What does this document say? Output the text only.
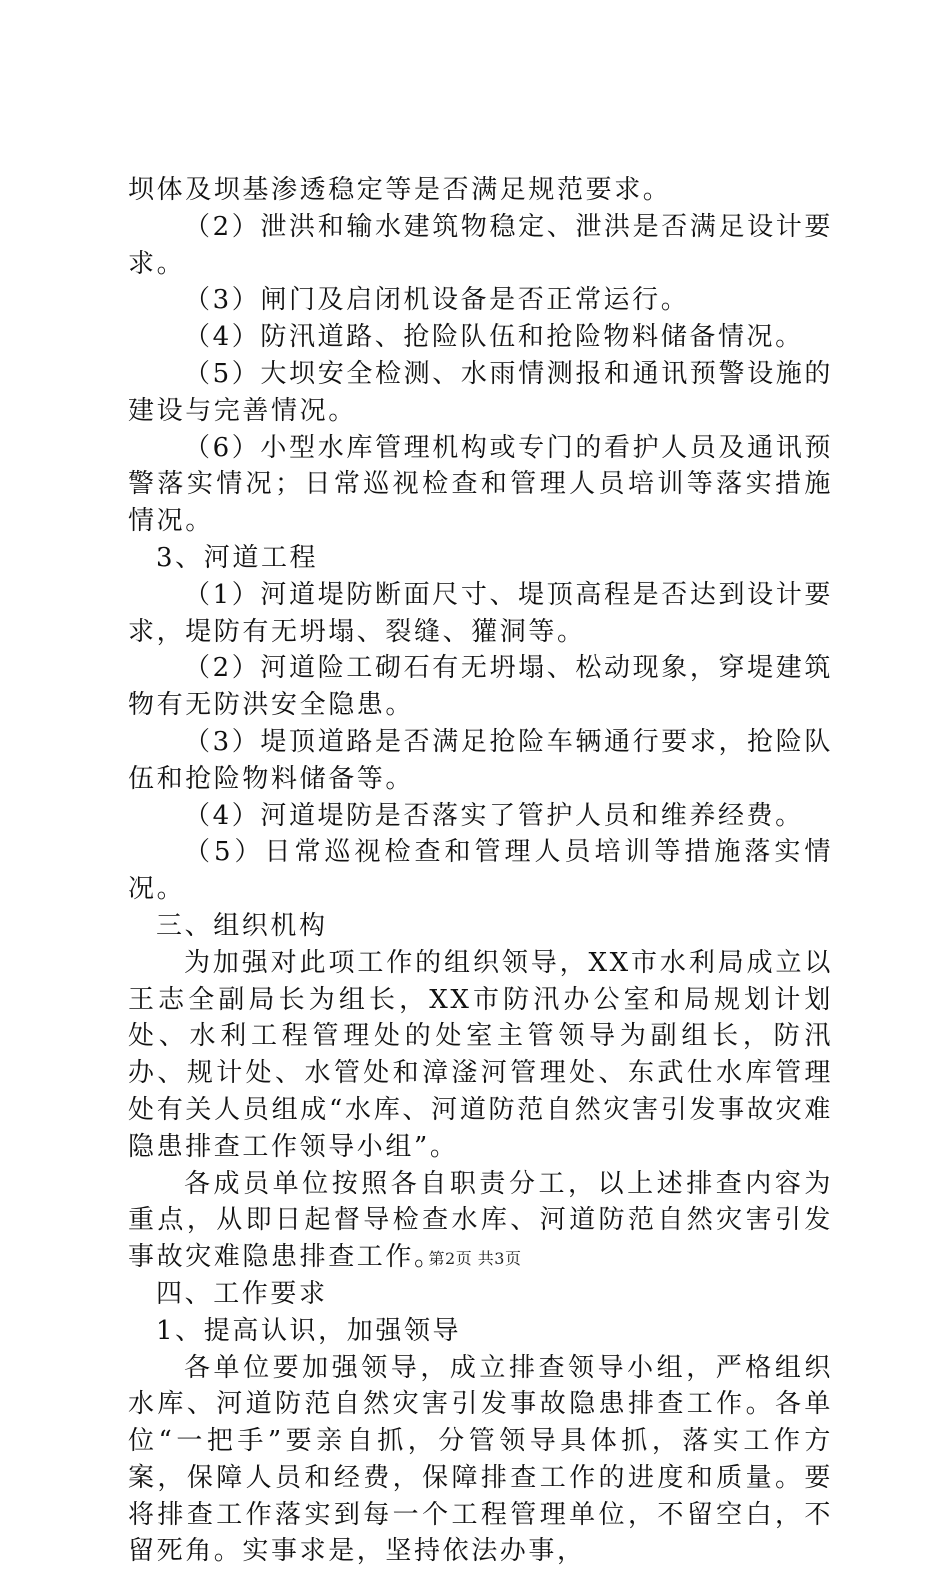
坝体及坝基渗透稳定等是否满足规范要求。

（2）泄洪和输水建筑物稳定、泄洪是否满足设计要求。

（3）闸门及启闭机设备是否正常运行。

（4）防汛道路、抢险队伍和抢险物料储备情况。

（5）大坝安全检测、水雨情测报和通讯预警设施的建设与完善情况。

（6）小型水库管理机构或专门的看护人员及通讯预警落实情况；日常巡视检查和管理人员培训等落实措施情况。

3、河道工程

（1）河道堤防断面尺寸、堤顶高程是否达到设计要求，堤防有无坍塌、裂缝、獾洞等。

（2）河道险工砌石有无坍塌、松动现象，穿堤建筑物有无防洪安全隐患。

（3）堤顶道路是否满足抢险车辆通行要求，抢险队伍和抢险物料储备等。

（4）河道堤防是否落实了管护人员和维养经费。

（5）日常巡视检查和管理人员培训等措施落实情况。

三、组织机构

为加强对此项工作的组织领导，XX市水利局成立以王志全副局长为组长，XX市防汛办公室和局规划计划处、水利工程管理处的处室主管领导为副组长，防汛办、规计处、水管处和漳滏河管理处、东武仕水库管理处有关人员组成“水库、河道防范自然灾害引发事故灾难隐患排查工作领导小组”。

各成员单位按照各自职责分工，以上述排查内容为重点，从即日起督导检查水库、河道防范自然灾害引发事故灾难隐患排查工作。

四、工作要求

1、提高认识，加强领导

各单位要加强领导，成立排查领导小组，严格组织水库、河道防范自然灾害引发事故隐患排查工作。各单位“一把手”要亲自抓，分管领导具体抓，落实工作方案，保障人员和经费，保障排查工作的进度和质量。要将排查工作落实到每一个工程管理单位，不留空白，不留死角。实事求是，坚持依法办事，

第2页 共3页
